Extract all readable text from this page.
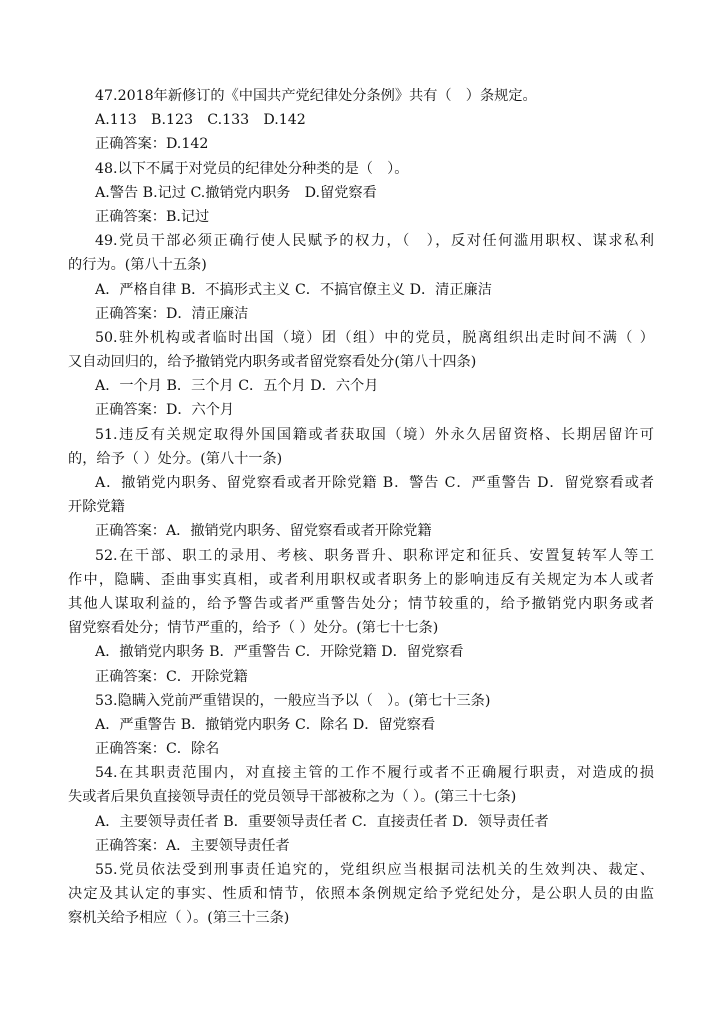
47.2018年新修订的《中国共产党纪律处分条例》共有（　）条规定。
A.113　B.123　C.133　D.142
正确答案：D.142
48.以下不属于对党员的纪律处分种类的是（　）。
A.警告 B.记过 C.撤销党内职务　D.留党察看
正确答案：B.记过
49.党员干部必须正确行使人民赋予的权力，（　），反对任何滥用职权、谋求私利
的行为。(第八十五条)
A．严格自律 B．不搞形式主义 C．不搞官僚主义 D．清正廉洁
正确答案：D．清正廉洁
50.驻外机构或者临时出国（境）团（组）中的党员，脱离组织出走时间不满（ ）
又自动回归的，给予撤销党内职务或者留党察看处分(第八十四条)
A．一个月 B．三个月 C．五个月 D．六个月
正确答案：D．六个月
51.违反有关规定取得外国国籍或者获取国（境）外永久居留资格、长期居留许可
的，给予（ ）处分。(第八十一条)
A．撤销党内职务、留党察看或者开除党籍 B．警告 C．严重警告 D．留党察看或者
开除党籍
正确答案：A．撤销党内职务、留党察看或者开除党籍
52.在干部、职工的录用、考核、职务晋升、职称评定和征兵、安置复转军人等工
作中，隐瞒、歪曲事实真相，或者利用职权或者职务上的影响违反有关规定为本人或者
其他人谋取利益的，给予警告或者严重警告处分；情节较重的，给予撤销党内职务或者
留党察看处分；情节严重的，给予（ ）处分。(第七十七条)
A．撤销党内职务 B．严重警告 C．开除党籍 D．留党察看
正确答案：C．开除党籍
53.隐瞒入党前严重错误的，一般应当予以（　）。(第七十三条)
A．严重警告 B．撤销党内职务 C．除名 D．留党察看
正确答案：C．除名
54.在其职责范围内，对直接主管的工作不履行或者不正确履行职责，对造成的损
失或者后果负直接领导责任的党员领导干部被称之为（ ）。(第三十七条)
A．主要领导责任者 B．重要领导责任者 C．直接责任者 D．领导责任者
正确答案：A．主要领导责任者
55.党员依法受到刑事责任追究的，党组织应当根据司法机关的生效判决、裁定、
决定及其认定的事实、性质和情节，依照本条例规定给予党纪处分，是公职人员的由监
察机关给予相应（ ）。(第三十三条)
